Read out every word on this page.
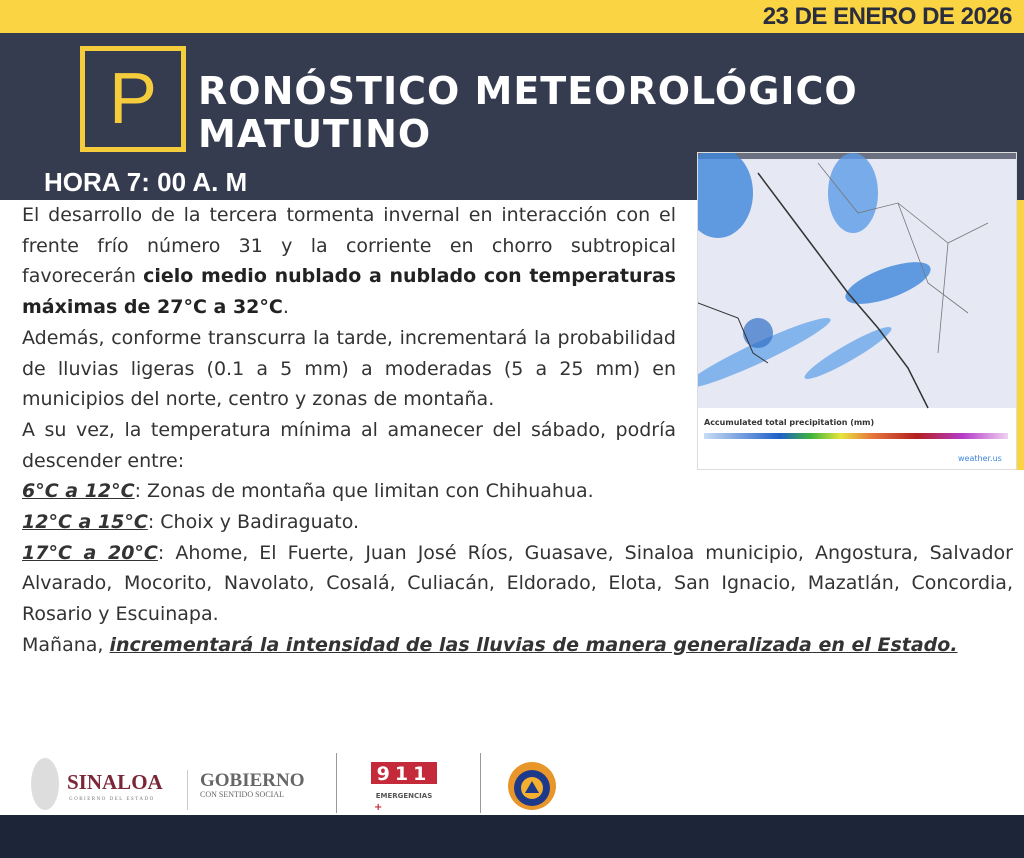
23 DE ENERO DE 2026
P RONÓSTICO METEOROLÓGICO
MATUTINO
HORA 7: 00 A. M
Accumulated total precipitation (mm)
weather.us

El desarrollo de la tercera tormenta invernal en interacción con el frente frío número 31 y la corriente en chorro subtropical favorecerán cielo medio nublado a nublado con temperaturas máximas de 27°C a 32°C.

Además, conforme transcurra la tarde, incrementará la probabilidad de lluvias ligeras (0.1 a 5 mm) a moderadas (5 a 25 mm) en municipios del norte, centro y zonas de montaña.

A su vez, la temperatura mínima al amanecer del sábado, podría descender entre:

6°C a 12°C: Zonas de montaña que limitan con Chihuahua.

12°C a 15°C: Choix y Badiraguato.

17°C a 20°C: Ahome, El Fuerte, Juan José Ríos, Guasave, Sinaloa municipio, Angostura, Salvador Alvarado, Mocorito, Navolato, Cosalá, Culiacán, Eldorado, Elota, San Ignacio, Mazatlán, Concordia, Rosario y Escuinapa.

Mañana, incrementará la intensidad de las lluvias de manera generalizada en el Estado.

SINALOA
GOBIERNO DEL ESTADO
GOBIERNO
CON SENTIDO SOCIAL
911
EMERGENCIAS
+
